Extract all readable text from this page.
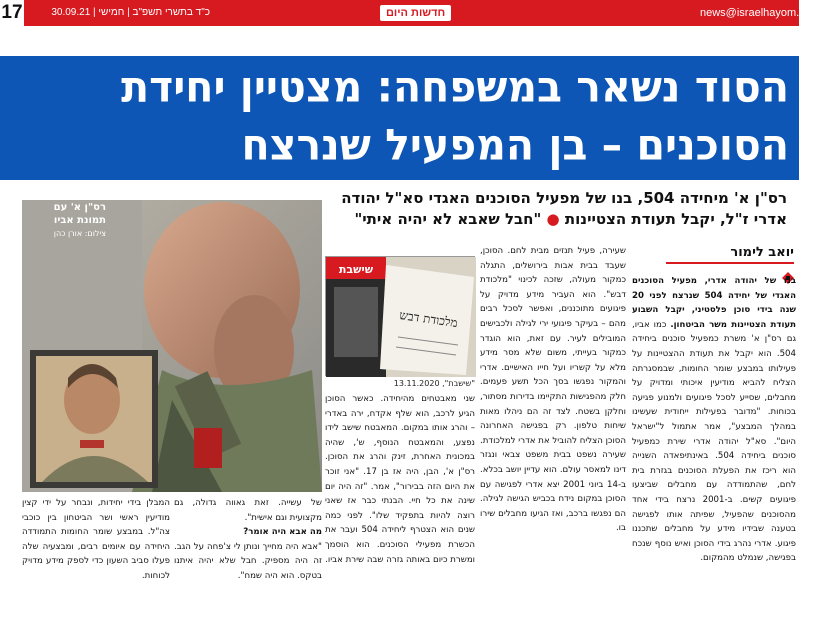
17	כ"ד בתשרי תשפ"ב | חמישי | 30.09.21	חדשות היום	news@israelhayom.co.il
הסוד נשאר במשפחה: מצטיין יחידת
הסוכנים – בן המפעיל שנרצח
רס"ן א' מיחידה 504, בנו של מפעיל הסוכנים האגדי סא"ל יהודה
אדרי ז"ל, יקבל תעודת הצטיינות ● "חבל שאבא לא יהיה איתי"
רס"ן א' עם
תמונת אביו
צילום: אורן כהן
שישבת
מלכודת דבש
"שישבת", 13.11.2020
יואב לימור
בנו של יהודה אדרי, מפעיל הסוכנים האגדי של יחידה 504 שנרצח לפני 20 שנה בידי סוכן פלסטיני, יקבל השבוע תעודת הצטיינות משר הביטחון. כמו אביו, גם רס"ן א' משרת כמפעיל סוכנים ביחידה 504. הוא יקבל את תעודת ההצטיינות על פעילותו במבצע שומר החומות, שבמסגרתה הצליח להביא מודיעין איכותי ומדויק על מחבלים, שסייע לסכל פיגועים ולמנוע פגיעה בכוחות. "מדובר בפעילות ייחודית שעשינו במהלך המבצע", אמר אתמול ל"ישראל היום". סא"ל יהודה אדרי שירת כמפעיל סוכנים ביחידה 504. באינתיפאדה השנייה הוא ריכז את הפעלת הסוכנים בגזרת בית לחם, שהתמודדה עם מחבלים שביצעו פיגועים קשים. ב-2001 נרצח בידי אחד מהסוכנים שהפעיל, שפיתה אותו לפגישה בטענה שבידיו מידע על מחבלים שתכננו פיגוע. אדרי נהרג בידי הסוכן ואיש נוסף שנכח בפגישה, שנמלט מהמקום.
שעירה, פעיל תנזים מבית לחם. הסוכן, שעבד בבית אבות בירושלים, התגלה כמקור מעולה, שזכה לכינוי "מלכודת דבש". הוא העביר מידע מדויק על פיגועים מתוכננים, ואפשר לסכל רבים מהם – בעיקר פיגועי ירי לגילה ולכבישים המובילים לעיר. עם זאת, הוא הוגדר כמקור בעייתי, משום שלא מסר מידע מלא על קשריו ועל חייו האישיים. אדרי והמקור נפגשו בסך הכל תשע פעמים. חלק מהפגישות התקיימו בדירות מסתור, וחלקן בשטח. לצד זה הם ניהלו מאות שיחות טלפון. רק בפגישה האחרונה הסוכן הצליח להוביל את אדרי למלכודת. שעירה נשפט בבית משפט צבאי ונגזר דינו למאסר עולם. הוא עדיין יושב בכלא. ב-14 ביוני 2001 יצא אדרי לפגישה עם הסוכן במקום נידח בכביש הגישה לגילה. הם נפגשו ברכב, ואז הגיעו מחבלים שירו בו.
שני מאבטחים מהיחידה. כאשר הסוכן הגיע לרכב, הוא שלף אקדח, ירה באדרי – והרג אותו במקום. המאבטח שישב לידו נפצע, והמאבטח הנוסף, ש', שהיה במכונית האחרת, זינק והרג את הסוכן. רס"ן א', הבן, היה אז בן 17. "אני זוכר את היום הזה בבירור", אמר. "זה היה יום שינה את כל חיי. הבנתי כבר אז שאני רוצה להיות בתפקיד שלו". לפני כמה שנים הוא הצטרף ליחידה 504 ועבר את הכשרת מפעילי הסוכנים. הוא הוסמך ומשרת כיום באותה גזרה שבה שירת אביו.
של עשייה. זאת גאווה גדולה, גם מקצועית וגם אישית".
מה אבא היה אומר?
"אבא היה מחייך ונותן לי צ'פחה על הגב. זה היה מספיק. חבל שלא יהיה איתנו בטקס. הוא היה שמח".
המבלן בידי יחידות, ונבחר על ידי קצין מודיעין ראשי ושר הביטחון בין כוכבי צה"ל. במבצע שומר החומות התמודדה היחידה עם איומים רבים, ומבצעיה שלה פעלו סביב השעון כדי לספק מידע מדויק לכוחות.
